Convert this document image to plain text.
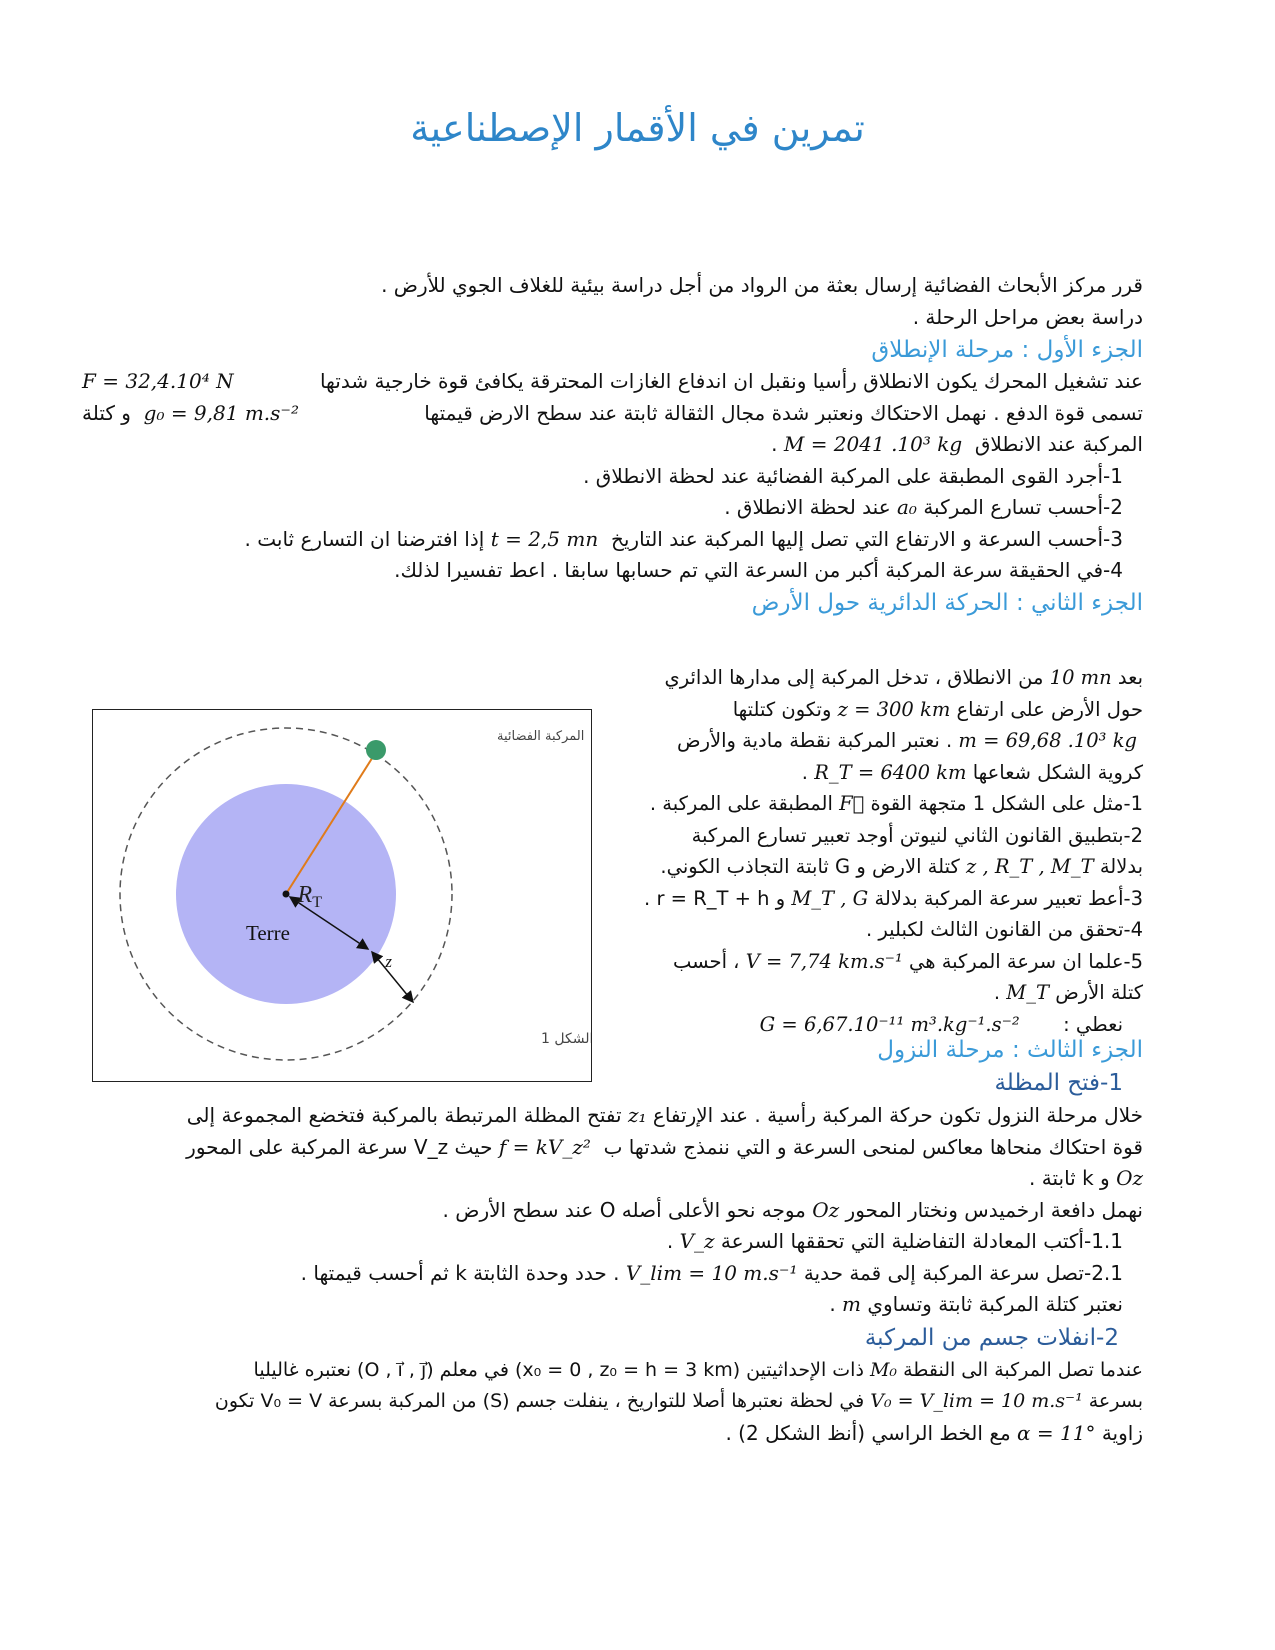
تمرين في الأقمار الإصطناعية
قرر مركز الأبحاث الفضائية إرسال بعثة من الرواد من أجل دراسة بيئية للغلاف الجوي للأرض .
دراسة بعض مراحل الرحلة .
الجزء الأول : مرحلة الإنطلاق
عند تشغيل المحرك يكون الانطلاق رأسيا ونقبل ان اندفاع الغازات المحترقة يكافئ قوة خارجية شدتها
F = 32,4.10⁴ N
تسمى قوة الدفع . نهمل الاحتكاك ونعتبر شدة مجال الثقالة ثابتة عند سطح الارض قيمتها
g₀ = 9,81 m.s⁻²  و كتلة
المركبة عند الانطلاق  M = 2041 .10³ kg .
1-أجرد القوى المطبقة على المركبة الفضائية عند لحظة الانطلاق .
2-أحسب تسارع المركبة a₀ عند لحظة الانطلاق .
3-أحسب السرعة و الارتفاع التي تصل إليها المركبة عند التاريخ  t = 2,5 mn إذا افترضنا ان التسارع ثابت .
4-في الحقيقة سرعة المركبة أكبر من السرعة التي تم حسابها سابقا . اعط تفسيرا لذلك.
الجزء الثاني : الحركة الدائرية حول الأرض
بعد 10 mn من الانطلاق ، تدخل المركبة إلى مدارها الدائري
حول الأرض على ارتفاع z = 300 km وتكون كتلتها
m = 69,68 .10³ kg . نعتبر المركبة نقطة مادية والأرض
كروية الشكل شعاعها R_T = 6400 km .
1-مثل على الشكل 1 متجهة القوة F⃗ المطبقة على المركبة .
2-بتطبيق القانون الثاني لنيوتن أوجد تعبير تسارع المركبة
بدلالة z , R_T , M_T كتلة الارض و G ثابتة التجاذب الكوني.
3-أعط تعبير سرعة المركبة بدلالة M_T , G و r = R_T + h .
4-تحقق من القانون الثالث لكبلير .
5-علما ان سرعة المركبة هي V = 7,74 km.s⁻¹ ، أحسب
كتلة الأرض M_T .
نعطي :       G = 6,67.10⁻¹¹ m³.kg⁻¹.s⁻²
المركبة الفضائية
$R_T$
Terre
z
الشكل 1	الجزء الثالث : مرحلة النزول
1-فتح المظلة
خلال مرحلة النزول تكون حركة المركبة رأسية . عند الإرتفاع z₁ تفتح المظلة المرتبطة بالمركبة فتخضع المجموعة إلى
قوة احتكاك منحاها معاكس لمنحى السرعة و التي ننمذج شدتها ب  f = kV_z² حيث V_z سرعة المركبة على المحور
Oz و k ثابتة .
نهمل دافعة ارخميدس ونختار المحور Oz موجه نحو الأعلى أصله O عند سطح الأرض .
1.1-أكتب المعادلة التفاضلية التي تحققها السرعة V_z .
2.1-تصل سرعة المركبة إلى قمة حدية V_lim = 10 m.s⁻¹ . حدد وحدة الثابتة k ثم أحسب قيمتها .
نعتبر كتلة المركبة ثابتة وتساوي m .
2-انفلات جسم من المركبة
عندما تصل المركبة الى النقطة M₀ ذات الإحداثيتين (x₀ = 0 , z₀ = h = 3 km) في معلم (O , i⃗ , j⃗) نعتبره غاليليا
بسرعة V₀ = V_lim = 10 m.s⁻¹ في لحظة نعتبرها أصلا للتواريخ ، ينفلت جسم (S) من المركبة بسرعة V₀ = V تكون
زاوية α = 11° مع الخط الراسي (أنظ الشكل 2) .
